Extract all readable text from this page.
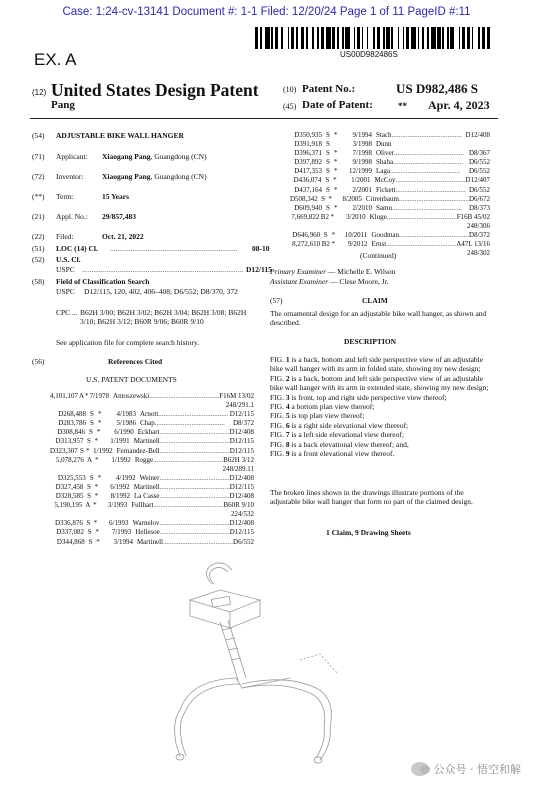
Case: 1:24-cv-13141 Document #: 1-1 Filed: 12/20/24 Page 1 of 11 PageID #:11
US00D982486S
EX. A
(12) United States Design Patent
Pang
(10) Patent No.:	US D982,486 S
(45) Date of Patent:	** Apr. 4, 2023
(54) ADJUSTABLE BIKE WALL HANGER
(71) Applicant: Xiaogang Pang, Guangdong (CN)
(72) Inventor: Xiaogang Pang, Guangdong (CN)
(**) Term:	15 Years
(21) Appl. No.: 29/857,483
(22) Filed:	Oct. 21, 2022
(51) LOC (14) Cl. ....................................................................	08-10
(52) U.S. Cl.
USPC ...................................................................................... D12/115
(58) Field of Classification Search
USPC D12/115, 120, 402, 406–408; D6/552; D8/370, 372
CPC ... B62H 3/00; B62H 3/02; B62H 3/04; B62H 3/08; B62H 3/10; B62H 3/12; B60R 9/06; B60R 9/10
See application file for complete search history.
(56)	References Cited
U.S. PATENT DOCUMENTS
4,101,107 A * 7/1978 Antoszewski ........................................ F16M 13/02
248/291.1
D268,488 S *	4/1983 Arnott ........................................ D12/115
D283,786 S *	5/1986 Chap ........................................	D8/372
D308,846 S *	6/1990 Eckhart ........................................ D12/408
D313,957 S *	1/1991 Martinell ........................................ D12/115
D323,307 S * 1/1992 Fernandez-Bell ........................................ D12/115
5,078,276 A *	1/1992 Rogge ........................................ B62H 3/12
248/289.11
D325,553 S *	4/1992 Weiner ........................................ D12/408
D327,458 S *	6/1992 Martinell ........................................ D12/115
D328,585 S *	8/1992 La Casse ........................................ D12/408
5,190,195 A *	3/1993 Fullhart ........................................ B60R 9/10
224/532
D336,876 S *	6/1993 Warnelov ........................................ D12/408
D337,082 S *	7/1993 Hellesoe ........................................ D12/115
D344,868 S *	3/1994 Martinell ........................................ D6/552
D350,935 S *	9/1994 Stach ........................................ D12/408
D391,918 S	3/1998 Dunn
D396,371 S *	7/1998 Oliver ........................................ D8/367
D397,892 S *	9/1998 Shaha ........................................ D6/552
D417,353 S *	12/1999 Laga ........................................	D6/552
D436,074 S *	1/2001 McCoy ........................................ D12/407
D437,164 S *	2/2001 Fickett ........................................ D6/552
D508,342 S *	8/2005 Citrenbaum ........................................ D6/672
D609,940 S *	2/2010 Samu ........................................	D8/373
7,669,822 B2 *	3/2010 Kluge ........................................ F16B 45/02
248/306
D646,960 S *	10/2011 Goodman ........................................ D8/372
8,272,610 B2 *	9/2012 Ernst ........................................ A47L 13/16
248/302
(Continued)
Primary Examiner — Michelle E. Wilson
Assistant Examiner — Clese Moore, Jr.
(57)	CLAIM
The ornamental design for an adjustable bike wall hanger, as shown and described.
DESCRIPTION

FIG. 1 is a back, bottom and left side perspective view of an adjustable bike wall hanger with its arm in folded state, showing my new design;

FIG. 2 is a back, bottom and left side perspective view of an adjustable bike wall hanger with its arm in extended state, showing my new design;

FIG. 3 is front, top and right side perspective view thereof;

FIG. 4 a bottom plan view thereof;

FIG. 5 is top plan view thereof;

FIG. 6 is a right side elevational view thereof;

FIG. 7 is a left side elevational view thereof;

FIG. 8 is a back elevational view thereof; and,

FIG. 9 is a front elevational view thereof.

The broken lines shown in the drawings illustrate portions of the adjustable bike wall hanger that form no part of the claimed design.
1 Claim, 9 Drawing Sheets
公众号 · 悟空和解
